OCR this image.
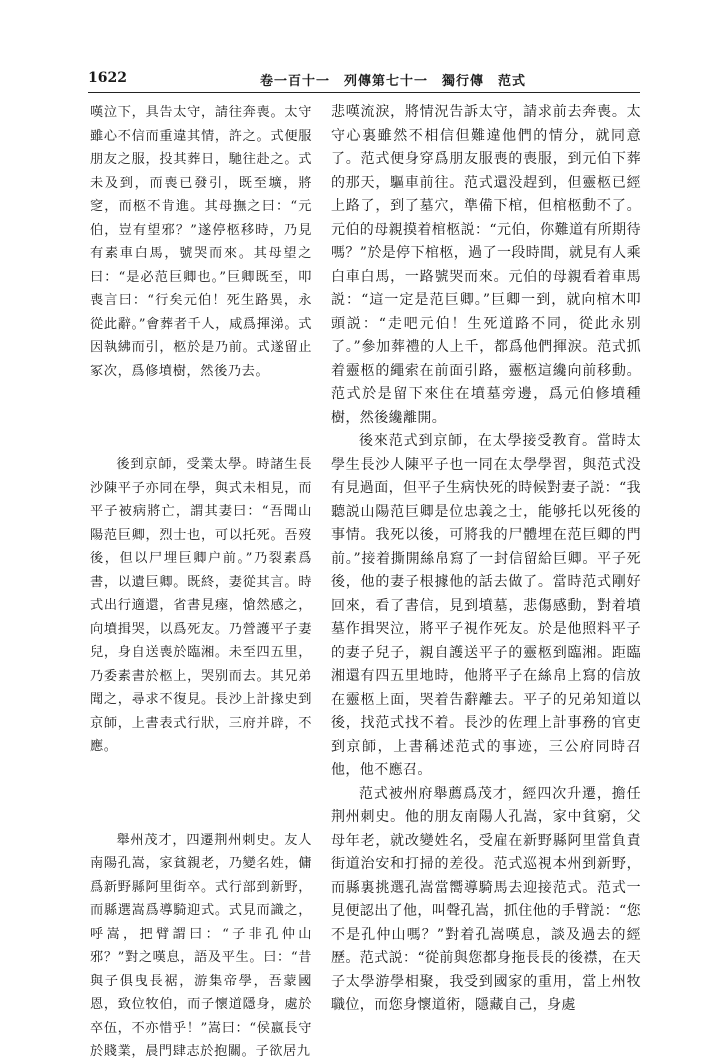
1622	卷一百十一　列傳第七十一　獨行傳　范式

嘆泣下，具告太守，請往奔喪。太守雖心不信而重違其情，許之。式便服朋友之服，投其葬日，馳往赴之。式未及到，而喪已發引，既至壙，將窆，而柩不肯進。其母撫之曰：“元伯，豈有望邪？”遂停柩移時，乃見有素車白馬，號哭而來。其母望之曰：“是必范巨卿也。”巨卿既至，叩喪言曰：“行矣元伯！死生路異，永從此辭。”會葬者千人，咸爲揮涕。式因執紼而引，柩於是乃前。式遂留止冢次，爲修墳樹，然後乃去。

後到京師，受業太學。時諸生長沙陳平子亦同在學，與式未相見，而平子被病將亡，謂其妻曰：“吾聞山陽范巨卿，烈士也，可以托死。吾歿後，但以尸埋巨卿户前。”乃裂素爲書，以遺巨卿。既終，妻從其言。時式出行適還，省書見瘞，愴然感之，向墳揖哭，以爲死友。乃營護平子妻兒，身自送喪於臨湘。未至四五里，乃委素書於柩上，哭别而去。其兄弟聞之，尋求不復見。長沙上計掾史到京師，上書表式行狀，三府并辟，不應。

舉州茂才，四遷荆州刺史。友人南陽孔嵩，家貧親老，乃變名姓，傭爲新野縣阿里街卒。式行部到新野，而縣選嵩爲導騎迎式。式見而識之，呼嵩，把臂謂曰：“子非孔仲山邪？”對之嘆息，語及平生。曰：“昔與子俱曳長裾，游集帝學，吾蒙國恩，致位牧伯，而子懷道隱身，處於卒伍，不亦惜乎！”嵩曰：“侯嬴長守於賤業，晨門肆志於抱關。子欲居九

悲嘆流淚，將情況告訴太守，請求前去奔喪。太守心裏雖然不相信但難違他們的情分，就同意了。范式便身穿爲朋友服喪的喪服，到元伯下葬的那天，驅車前往。范式還没趕到，但靈柩已經上路了，到了墓穴，準備下棺，但棺柩動不了。元伯的母親摸着棺柩説：“元伯，你難道有所期待嗎？”於是停下棺柩，過了一段時間，就見有人乘白車白馬，一路號哭而來。元伯的母親看着車馬説：“這一定是范巨卿。”巨卿一到，就向棺木叩頭説：“走吧元伯！生死道路不同，從此永别了。”參加葬禮的人上千，都爲他們揮淚。范式抓着靈柩的繩索在前面引路，靈柩這纔向前移動。范式於是留下來住在墳墓旁邊，爲元伯修墳種樹，然後纔離開。

後來范式到京師，在太學接受教育。當時太學生長沙人陳平子也一同在太學學習，與范式没有見過面，但平子生病快死的時候對妻子説：“我聽説山陽范巨卿是位忠義之士，能够托以死後的事情。我死以後，可將我的尸體埋在范巨卿的門前。”接着撕開絲帛寫了一封信留給巨卿。平子死後，他的妻子根據他的話去做了。當時范式剛好回來，看了書信，見到墳墓，悲傷感動，對着墳墓作揖哭泣，將平子視作死友。於是他照料平子的妻子兒子，親自護送平子的靈柩到臨湘。距臨湘還有四五里地時，他將平子在絲帛上寫的信放在靈柩上面，哭着告辭離去。平子的兄弟知道以後，找范式找不着。長沙的佐理上計事務的官吏到京師，上書稱述范式的事迹，三公府同時召他，他不應召。

范式被州府舉薦爲茂才，經四次升遷，擔任荆州刺史。他的朋友南陽人孔嵩，家中貧窮，父母年老，就改變姓名，受雇在新野縣阿里當負責街道治安和打掃的差役。范式巡視本州到新野，而縣裏挑選孔嵩當嚮導騎馬去迎接范式。范式一見便認出了他，叫聲孔嵩，抓住他的手臂説：“您不是孔仲山嗎？”對着孔嵩嘆息，談及過去的經歷。范式説：“從前與您都身拖長長的後襟，在天子太學游學相聚，我受到國家的重用，當上州牧職位，而您身懷道術，隱藏自己，身處
